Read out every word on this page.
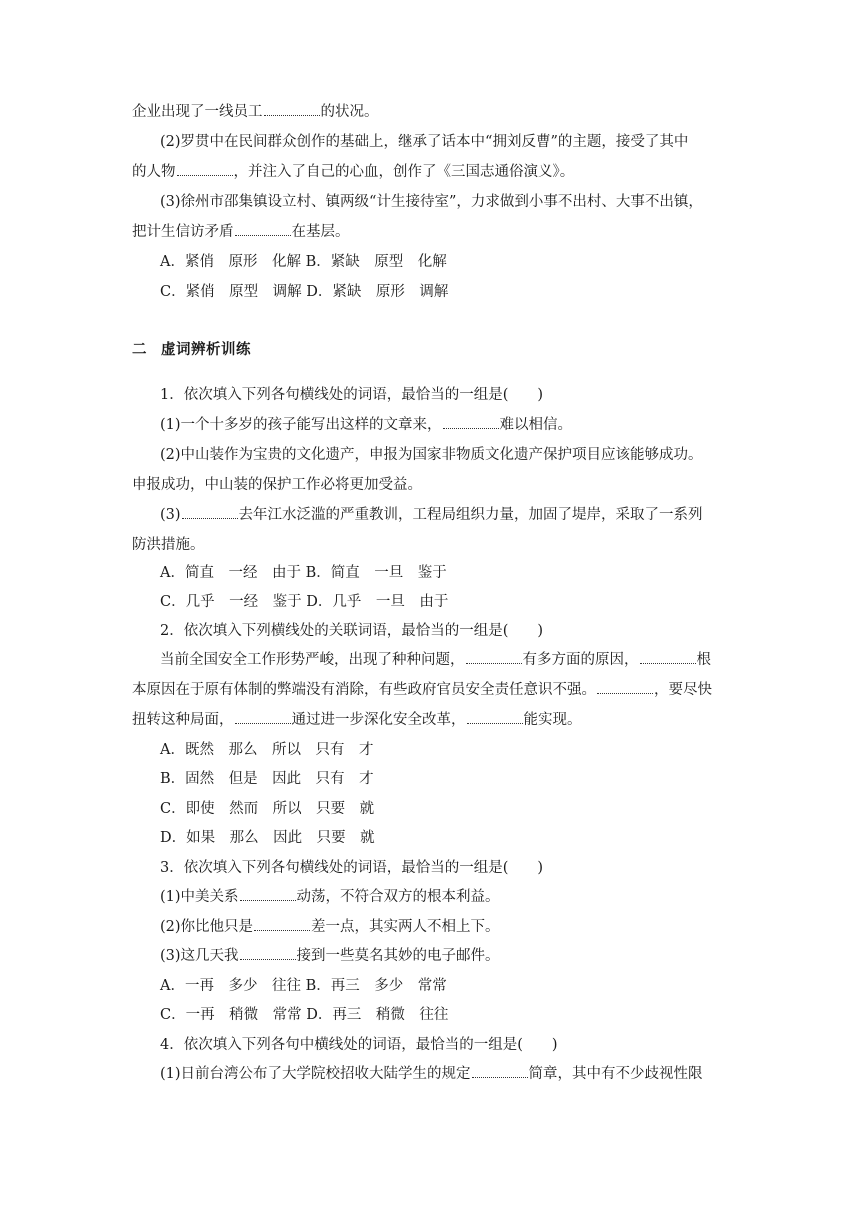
企业出现了一线员工	的状况。
(2)罗贯中在民间群众创作的基础上，继承了话本中“拥刘反曹”的主题，接受了其中
的人物	，并注入了自己的心血，创作了《三国志通俗演义》。
(3)徐州市邵集镇设立村、镇两级“计生接待室”，力求做到小事不出村、大事不出镇，
把计生信访矛盾	在基层。
A．紧俏　原形　化解 B．紧缺　原型　化解
C．紧俏　原型　调解 D．紧缺　原形　调解
二 虚词辨析训练
1．依次填入下列各句横线处的词语，最恰当的一组是(　　)
(1)一个十多岁的孩子能写出这样的文章来，	难以相信。
(2)中山装作为宝贵的文化遗产，申报为国家非物质文化遗产保护项目应该能够成功。
申报成功，中山装的保护工作必将更加受益。
(3)	去年江水泛滥的严重教训，工程局组织力量，加固了堤岸，采取了一系列
防洪措施。
A．简直　一经　由于 B．简直　一旦　鉴于
C．几乎　一经　鉴于 D．几乎　一旦　由于
2．依次填入下列横线处的关联词语，最恰当的一组是(　　)
当前全国安全工作形势严峻，出现了种种问题，	有多方面的原因，	根
本原因在于原有体制的弊端没有消除，有些政府官员安全责任意识不强。	，要尽快
扭转这种局面，	通过进一步深化安全改革，	能实现。
A．既然　那么　所以　只有　才
B．固然　但是　因此　只有　才
C．即使　然而　所以　只要　就
D．如果　那么　因此　只要　就
3．依次填入下列各句横线处的词语，最恰当的一组是(　　)
(1)中美关系	动荡，不符合双方的根本利益。
(2)你比他只是	差一点，其实两人不相上下。
(3)这几天我	接到一些莫名其妙的电子邮件。
A．一再　多少　往往 B．再三　多少　常常
C．一再　稍微　常常 D．再三　稍微　往往
4．依次填入下列各句中横线处的词语，最恰当的一组是(　　)
(1)日前台湾公布了大学院校招收大陆学生的规定	简章，其中有不少歧视性限
